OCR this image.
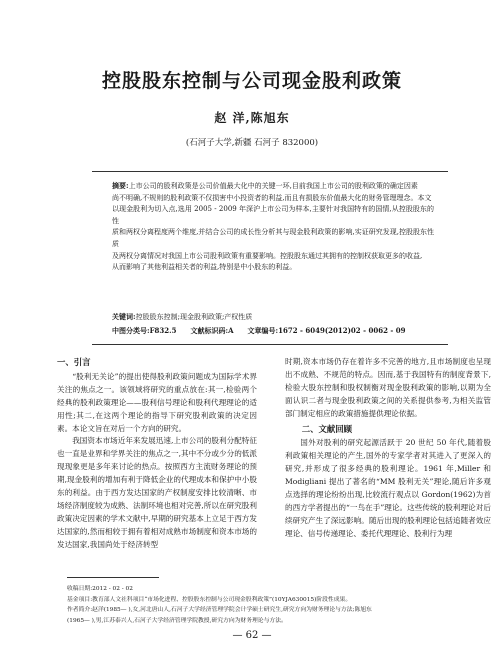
控股股东控制与公司现金股利政策
赵 洋,陈旭东
(石河子大学,新疆 石河子 832000)
摘要:上市公司的股利政策是公司价值最大化中的关键一环,目前我国上市公司的股利政策的确定因素
尚不明确,不规则的股利政策不仅损害中小投资者的利益,而且有损股东价值最大化的财务管理理念。本文
以现金股利为切入点,选用 2005 - 2009 年深沪上市公司为样本,主要针对我国特有的国情,从控股股东的性
质和两权分离程度两个维度,并结合公司的成长性分析其与现金股利政策的影响,实证研究发现,控股股东性质
及两权分离情况对我国上市公司股利政策有重要影响。控股股东通过其拥有的控制权获取更多的收益,
从而影响了其他利益相关者的利益,特别是中小股东的利益。
关键词:控股股东控制;现金股利政策;产权性质
中图分类号:F832.5 文献标识码:A 文章编号:1672 - 6049(2012)02 - 0062 - 09
一、引言

“股利无关论”的提出使得股利政策问题成为国际学术界关注的焦点之一。该领域将研究的重点放在:其一,检验两个经典的股利政策理论——股利信号理论和股利代理理论的适用性;其二,在这两个理论的指导下研究股利政策的决定因素。本论文旨在对后一个方向的研究。

我国资本市场近年来发展迅速,上市公司的股利分配特征也一直是业界和学界关注的焦点之一,其中不分或少分的低派现现象更是多年来讨论的热点。按照西方主流财务理论的预期,现金股利的增加有利于降低企业的代理成本和保护中小股东的利益。由于西方发达国家的产权制度安排比较清晰、市场经济制度较为成熟、法制环境也相对完善,所以在研究股利政策决定因素的学术文献中,早期的研究基本上立足于西方发达国家的,然而相较于拥有着相对成熟市场制度和资本市场的发达国家,我国尚处于经济转型

时期,资本市场仍存在着许多不完善的地方,且市场制度也呈现出不成熟、不规范的特点。因而,基于我国特有的制度背景下,检验大股东控制和股权制衡对现金股利政策的影响,以期为全面认识二者与现金股利政策之间的关系提供参考,为相关监管部门制定相应的政策措施提供理论依据。

二、文献回顾

国外对股利的研究起源活跃于 20 世纪 50 年代,随着股利政策相关理论的产生,国外的专家学者对其进入了更深入的研究,并形成了很多经典的股利理论。1961 年,Miller 和 Modigliani 提出了著名的“MM 股利无关”理论,随后许多观点选择的理论纷纷出现,比较流行观点以 Gordon(1962)为首的西方学者提出的“一鸟在手”理论。这些传统的股利理论对后续研究产生了深远影响。随后出现的股利理论包括追随者效应理论、信号传递理论、委托代理理论、股利行为理

收稿日期:2012 - 02 - 02
基金项目:教育部人文社科项目“市场化进程、控股股东控制与公司现金股利政策”(10YJA630015)阶段性成果。
作者简介:赵洋(1985— ),女,河北唐山人,石河子大学经济管理学院会计学硕士研究生,研究方向为财务理论与方法;陈旭东
(1965— ),男,江苏泰兴人,石河子大学经济管理学院教授,研究方向为财务理论与方法。
— 62 —
